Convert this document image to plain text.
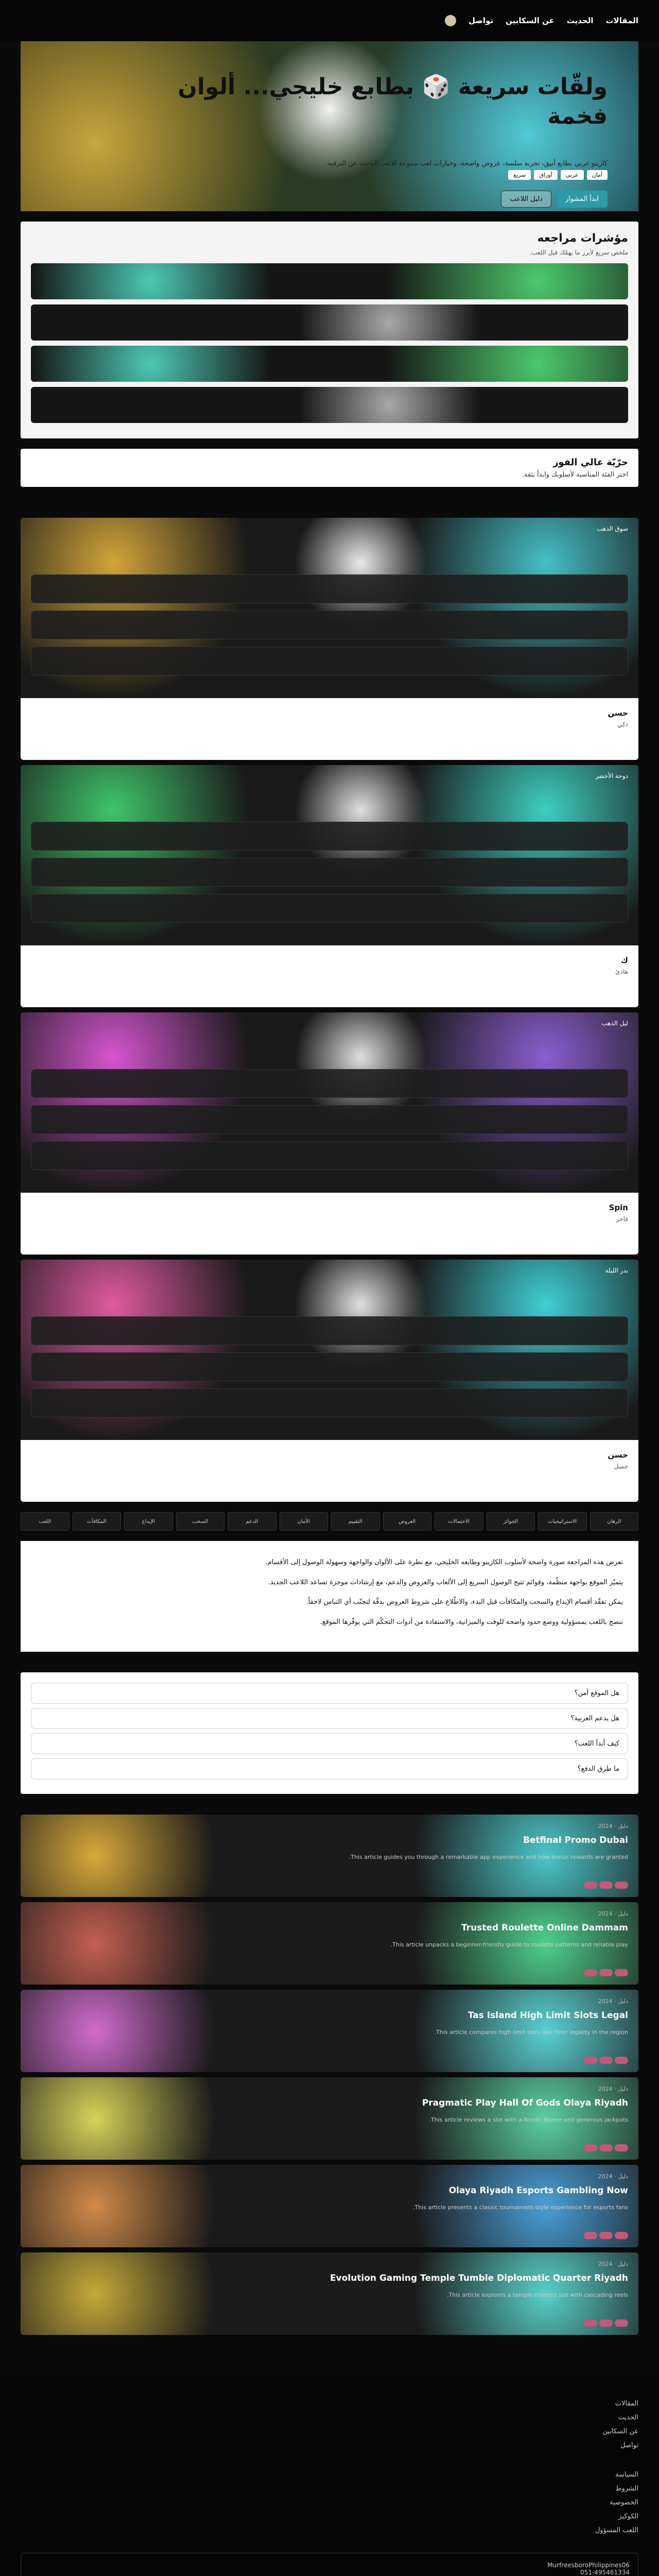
المقالات
الحديث
عن السكابين
تواصل
ولقّات سريعة 🎲 بطابع خليجي... ألوان فخمة

كازينو عربي بطابع أنيق، تجربة سلسة، عروض واضحة، وخيارات لعب متنوعة للاعب الباحث عن الترفيه.

أمان
عربي
أوراق
سريع
ابدأ المشوار
دليل اللاعب
مؤشرات مراجعه
ملخص سريع لأبرز ما يهمّك قبل اللعب.
حرّيّة عالي الفوز

اختر الفئة المناسبة لأسلوبك وابدأ بثقة.

سوق الذهب
حسن

ذكي

دوحة الأخضر
ك

هادئ

ليل الذهب
Spin

فاخر

بدر الليلة
حسن

جميل

الرهان
الاستراتيجيات
الجوائز
الاحتمالات
العروض
التقييم
الأمان
الدعم
السحب
الإيداع
المكافآت
اللعب

تعرض هذه المراجعة صورة واضحة لأسلوب الكازينو وطابعه الخليجي، مع نظرة على الألوان والواجهة وسهولة الوصول إلى الأقسام.

يتميّز الموقع بواجهة منظّمة، وقوائم تتيح الوصول السريع إلى الألعاب والعروض والدعم، مع إرشادات موجزة تساعد اللاعب الجديد.

يمكن تفقّد أقسام الإيداع والسحب والمكافآت قبل البدء، والاطّلاع على شروط العروض بدقّة لتجنّب أي التباس لاحقاً.

ننصح باللعب بمسؤولية ووضع حدود واضحة للوقت والميزانية، والاستفادة من أدوات التحكّم التي يوفّرها الموقع.

هل الموقع آمن؟
هل يدعم العربية؟
كيف أبدأ اللعب؟
ما طرق الدفع؟
دليل · 2024
Betfinal Promo Dubai

This article guides you through a remarkable app experience and how bonus rewards are granted.

دليل · 2024
Trusted Roulette Online Dammam

This article unpacks a beginner-friendly guide to roulette patterns and reliable play.

دليل · 2024
Tas Island High Limit Slots Legal

This article compares high limit slots and their legality in the region.

دليل · 2024
Pragmatic Play Hall Of Gods Olaya Riyadh

This article reviews a slot with a Nordic theme and generous jackpots.

دليل · 2024
Olaya Riyadh Esports Gambling Now

This article presents a classic tournament-style experience for esports fans.

دليل · 2024
Evolution Gaming Temple Tumble Diplomatic Quarter Riyadh

This article explores a temple-themed slot with cascading reels.

المقالات
الحديث
عن السكابين
تواصل
السياسة
الشروط
الخصوصية
الكوكيز
اللعب المسؤول
MurfreesboroPhilippines06
051-495461334
